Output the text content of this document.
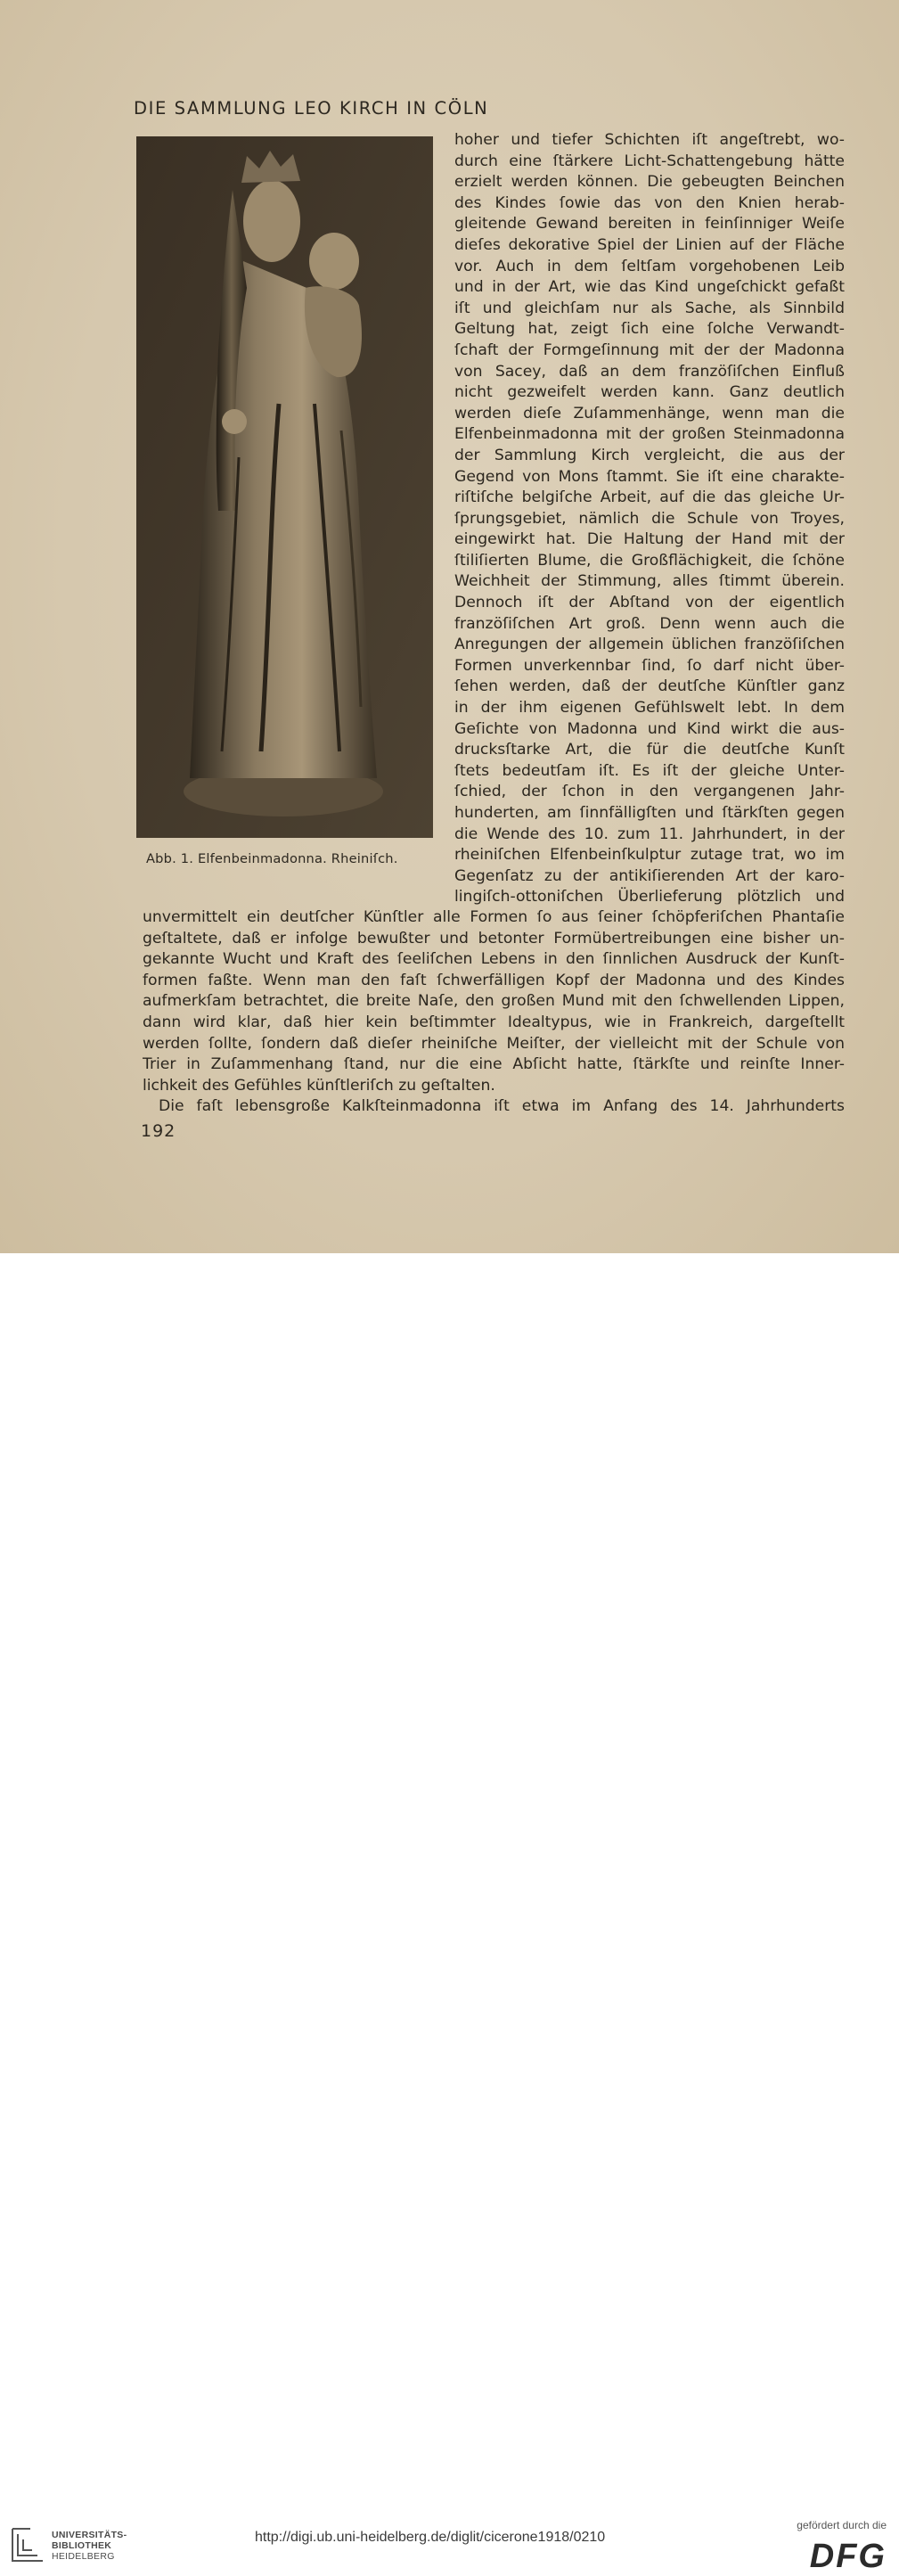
DIE SAMMLUNG LEO KIRCH IN CÖLN
Abb. 1. Elfenbeinmadonna. Rheiniſch.
hoher und tiefer Schichten iſt angeſtrebt, wo-
durch eine ſtärkere Licht-Schattengebung hätte
erzielt werden können. Die gebeugten Beinchen
des Kindes ſowie das von den Knien herab-
gleitende Gewand bereiten in feinſinniger Weiſe
dieſes dekorative Spiel der Linien auf der Fläche
vor. Auch in dem ſeltſam vorgehobenen Leib
und in der Art, wie das Kind ungeſchickt gefaßt
iſt und gleichſam nur als Sache, als Sinnbild
Geltung hat, zeigt ſich eine ſolche Verwandt-
ſchaft der Formgeſinnung mit der der Madonna
von Sacey, daß an dem franzöſiſchen Einfluß
nicht gezweifelt werden kann. Ganz deutlich
werden dieſe Zuſammenhänge, wenn man die
Elfenbeinmadonna mit der großen Steinmadonna
der Sammlung Kirch vergleicht, die aus der
Gegend von Mons ſtammt. Sie iſt eine charakte-
riſtiſche belgiſche Arbeit, auf die das gleiche Ur-
ſprungsgebiet, nämlich die Schule von Troyes,
eingewirkt hat. Die Haltung der Hand mit der
ſtiliſierten Blume, die Großflächigkeit, die ſchöne
Weichheit der Stimmung, alles ſtimmt überein.
Dennoch iſt der Abſtand von der eigentlich
franzöſiſchen Art groß. Denn wenn auch die
Anregungen der allgemein üblichen franzöſiſchen
Formen unverkennbar ſind, ſo darf nicht über-
ſehen werden, daß der deutſche Künſtler ganz
in der ihm eigenen Gefühlswelt lebt. In dem
Geſichte von Madonna und Kind wirkt die aus-
drucksſtarke Art, die für die deutſche Kunſt
ſtets bedeutſam iſt. Es iſt der gleiche Unter-
ſchied, der ſchon in den vergangenen Jahr-
hunderten, am ſinnfälligſten und ſtärkſten gegen
die Wende des 10. zum 11. Jahrhundert, in der
rheiniſchen Elfenbeinſkulptur zutage trat, wo im
Gegenſatz zu der antikiſierenden Art der karo-
lingiſch-ottoniſchen Überlieferung plötzlich und
unvermittelt ein deutſcher Künſtler alle Formen ſo aus ſeiner ſchöpferiſchen Phantaſie
geſtaltete, daß er infolge bewußter und betonter Formübertreibungen eine bisher un-
gekannte Wucht und Kraft des ſeeliſchen Lebens in den ſinnlichen Ausdruck der Kunſt-
formen faßte. Wenn man den faſt ſchwerfälligen Kopf der Madonna und des Kindes
aufmerkſam betrachtet, die breite Naſe, den großen Mund mit den ſchwellenden Lippen,
dann wird klar, daß hier kein beſtimmter Idealtypus, wie in Frankreich, dargeſtellt
werden ſollte, ſondern daß dieſer rheiniſche Meiſter, der vielleicht mit der Schule von
Trier in Zuſammenhang ſtand, nur die eine Abſicht hatte, ſtärkſte und reinſte Inner-
lichkeit des Gefühles künſtleriſch zu geſtalten.
Die faſt lebensgroße Kalkſteinmadonna iſt etwa im Anfang des 14. Jahrhunderts
192
UNIVERSITÄTS-
BIBLIOTHEK
HEIDELBERG
http://digi.ub.uni-heidelberg.de/diglit/cicerone1918/0210
gefördert durch die
DFG
